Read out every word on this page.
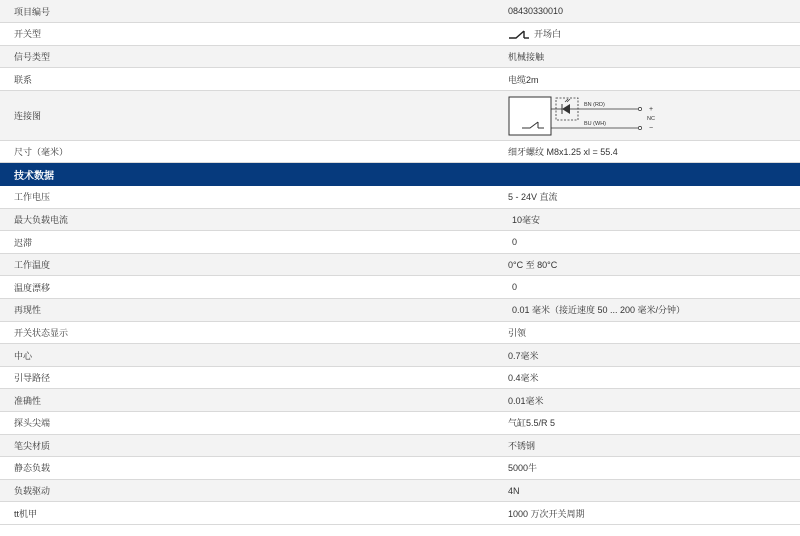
项目编号	08430330010
开关型	开场白

信号类型	机械接触
联系	电缆2m
连接图	BN (RD)
BU (WH)
+
NC
−

尺寸（毫米）	细牙螺纹 M8x1.25 xl = 55.4
技术数据	
工作电压	5 - 24V 直流
最大负载电流	10毫安
迟滞	0
工作温度	0°C 至 80°C
温度漂移	0
再现性	0.01 毫米（接近速度 50 ... 200 毫米/分钟）
开关状态显示	引领
中心	0.7毫米
引导路径	0.4毫米
准确性	0.01毫米
探头尖端	气缸5.5/R 5
笔尖材质	不锈钢
静态负载	5000牛
负载驱动	4N
tt机甲	1000 万次开关周期
